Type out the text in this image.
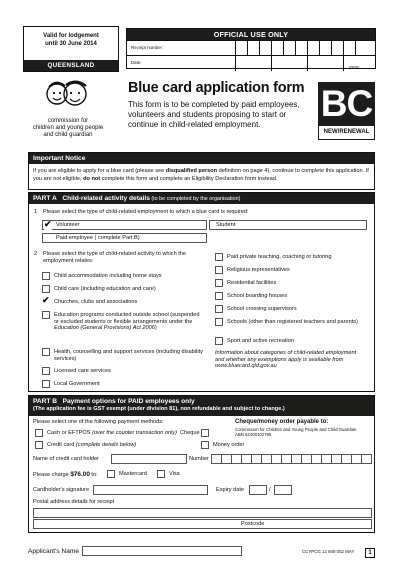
Valid for lodgement
until 30 June 2014
QUEENSLAND
OFFICIAL USE ONLY
Receipt number :
Date:
mmyy
commission for
children and young people
and child guardian
Blue card application form
This form is to be completed by paid employees, volunteers and students proposing to start or continue in child-related employment.
BC
NEW/RENEWAL
Important Notice
If you are eligible to apply for a blue card (please see disqualified person definition on page 4), continue to complete this application. If you are not eligible, do not complete this form and complete an Eligibility Declaration form instead.
PART A Child-related activity details (to be completed by the organisation)
1 Please select the type of child-related employment to which a blue card is required:
✔ Volunteer	Student
Paid employee ( complete Part B)
2 Please select the type of child-related activity to which the employment relates:
Child accommodation including home stays
Child care (including education and care)
✔ Churches, clubs and associations
Education programs conducted outside school (suspended or excluded students or flexible arrangements under the Education (General Provisions) Act 2006)
Health, counselling and support services (including disability services)
Licensed care services
Local Government
Paid private teaching, coaching or tutoring
Religious representatives
Residential facilities
School boarding houses
School crossing supervisors
Schools (other than registered teachers and parents)
Sport and active recreation
Information about categories of child-related employment and whether any exemptions apply is available from www.bluecard.qld.gov.au
PART B Payment options for PAID employees only
(The application fee is GST exempt (under division 81), non refundable and subject to change.)
Please select one of the following payment methods:
Cash or EFTPOS (over the counter transaction only)
Credit card (complete details below)
Cheque
Money order
Cheque/money order payable to:
Commission for Children and Young People and Child Guardian
ABN 52400102796
Name of credit card holder	Number
Please charge $76.00 to:	Mastercard	Visa
Cardholder's signature	Expiry date	/
Postal address details for receipt
Postcode
Applicant's Name	CCYPCG 12 849 052 MAY	1
